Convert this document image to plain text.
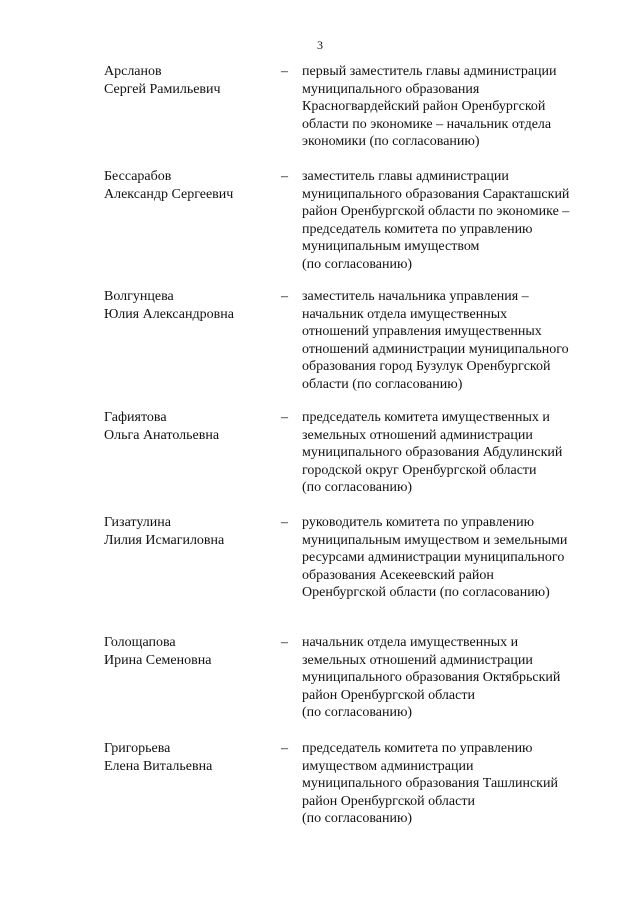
3
Арсланов
Сергей Рамильевич
– первый заместитель главы администрации
муниципального образования
Красногвардейский район Оренбургской
области по экономике – начальник отдела
экономики (по согласованию)
Бессарабов
Александр Сергеевич
– заместитель главы администрации
муниципального образования Саракташский
район Оренбургской области по экономике –
председатель комитета по управлению
муниципальным имуществом
(по согласованию)
Волгунцева
Юлия Александровна
– заместитель начальника управления –
начальник отдела имущественных
отношений управления имущественных
отношений администрации муниципального
образования город Бузулук Оренбургской
области (по согласованию)
Гафиятова
Ольга Анатольевна
– председатель комитета имущественных и
земельных отношений администрации
муниципального образования Абдулинский
городской округ Оренбургской области
(по согласованию)
Гизатулина
Лилия Исмагиловна
– руководитель комитета по управлению
муниципальным имуществом и земельными
ресурсами администрации муниципального
образования Асекеевский район
Оренбургской области (по согласованию)
Голощапова
Ирина Семеновна
– начальник отдела имущественных и
земельных отношений администрации
муниципального образования Октябрьский
район Оренбургской области
(по согласованию)
Григорьева
Елена Витальевна
– председатель комитета по управлению
имуществом администрации
муниципального образования Ташлинский
район Оренбургской области
(по согласованию)
